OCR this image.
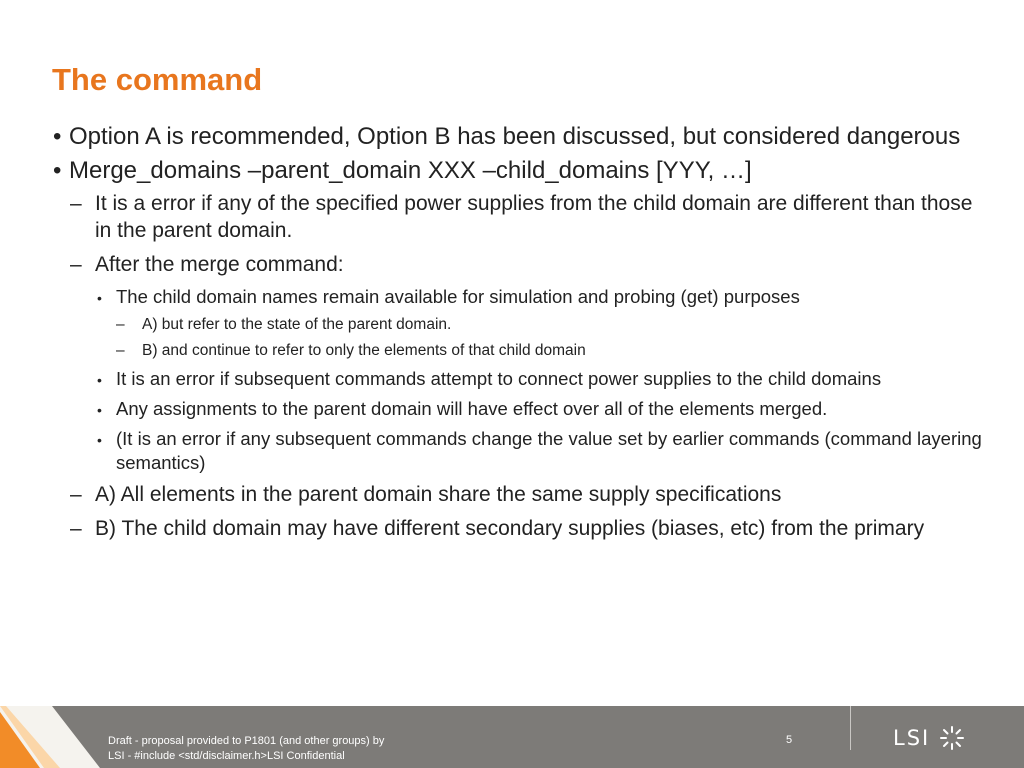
The command
• Option A is recommended, Option B has been discussed, but considered dangerous
• Merge_domains –parent_domain XXX –child_domains [YYY, …]
– It is a error if any of the specified power supplies from the child domain are different than those in the parent domain.
– After the merge command:
• The child domain names remain available for simulation and probing (get) purposes
– A) but refer to the state of the parent domain.
– B) and continue to refer to only the elements of that child domain
• It is an error if subsequent commands attempt to connect power supplies to the child domains
• Any assignments to the parent domain will have effect over all of the elements merged.
• (It is an error if any subsequent commands change the value set by earlier commands (command layering semantics)
– A) All elements in the parent domain share the same supply specifications
– B) The child domain may have different secondary supplies (biases, etc) from the primary
Draft - proposal provided to P1801 (and other groups) by
LSI - #include <std/disclaimer.h>LSI Confidential
5	LSI
